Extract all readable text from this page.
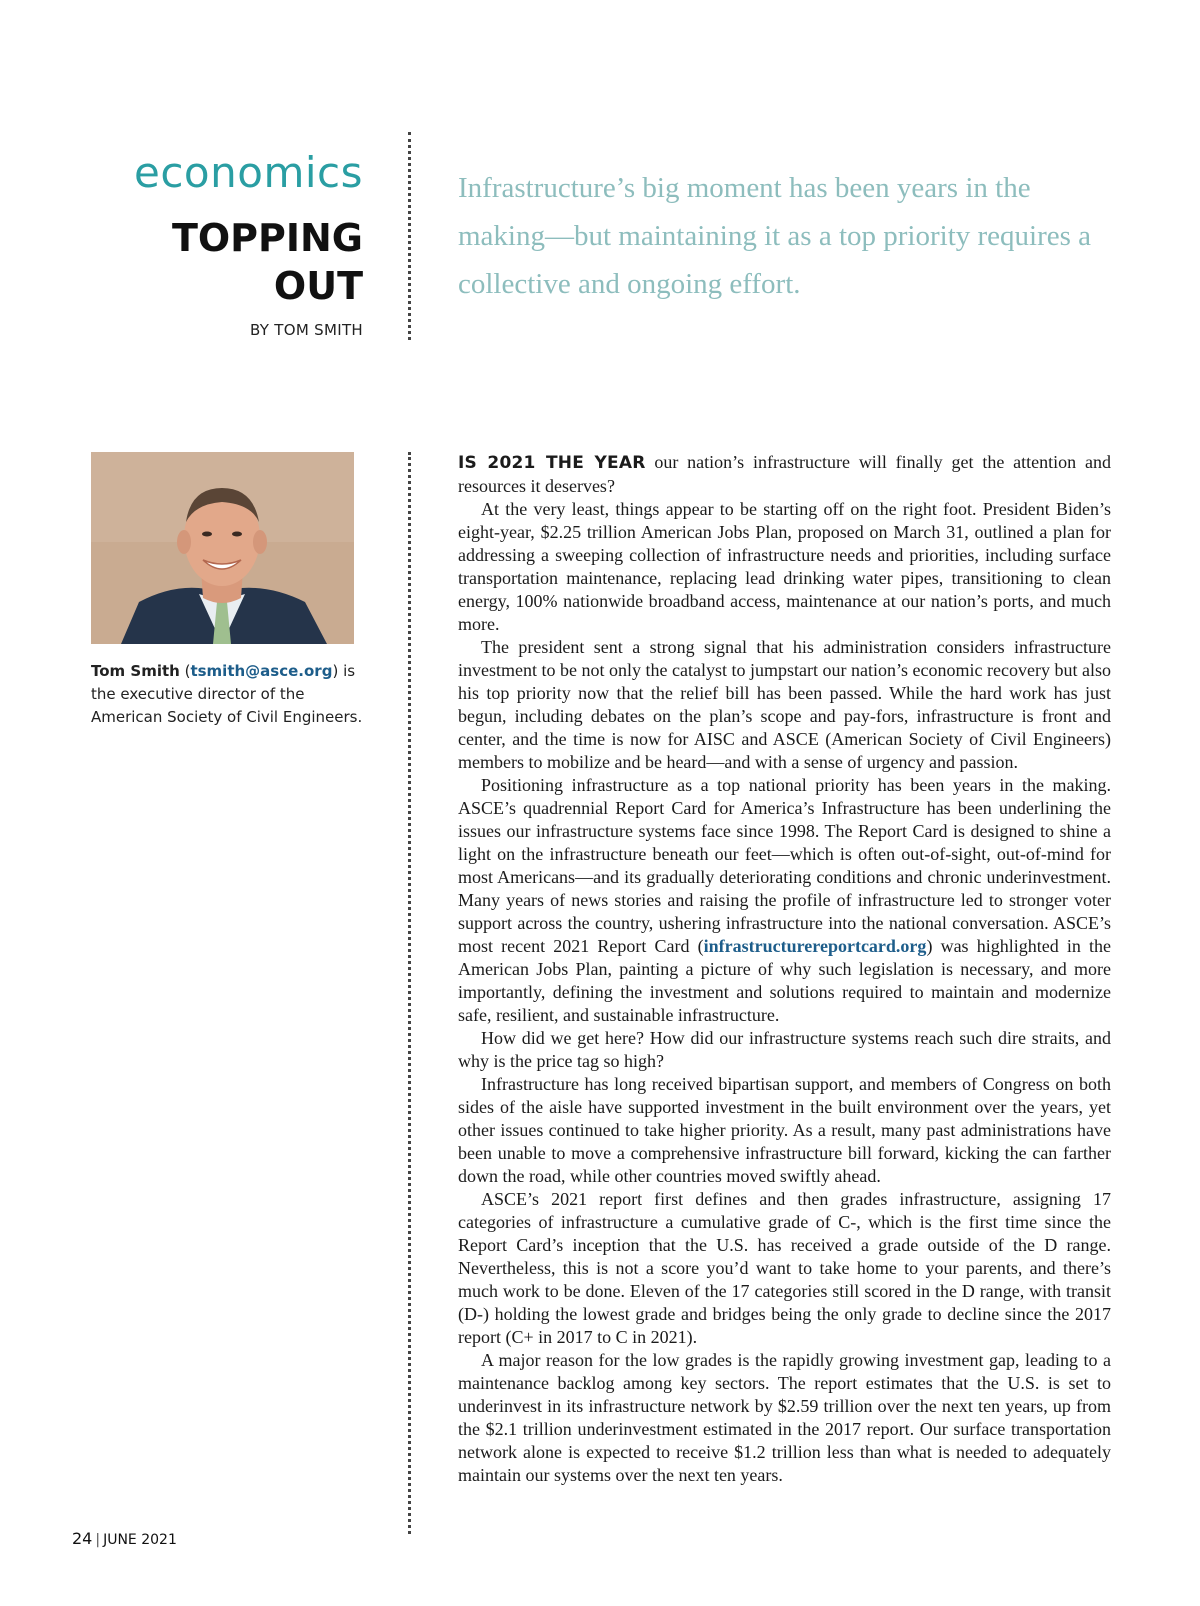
economics
TOPPING
OUT
BY TOM SMITH
Infrastructure’s big moment has been years in the making—but maintaining it as a top priority requires a collective and ongoing effort.
Tom Smith (tsmith@asce.org) is the executive director of the American Society of Civil Engineers.

IS 2021 THE YEAR our nation’s infrastructure will finally get the attention and resources it deserves?

At the very least, things appear to be starting off on the right foot. President Biden’s eight-year, $2.25 trillion American Jobs Plan, proposed on March 31, outlined a plan for addressing a sweeping collection of infrastructure needs and priorities, including surface transportation maintenance, replacing lead drinking water pipes, transitioning to clean energy, 100% nationwide broadband access, maintenance at our nation’s ports, and much more.

The president sent a strong signal that his administration considers infrastructure investment to be not only the catalyst to jumpstart our nation’s economic recovery but also his top priority now that the relief bill has been passed. While the hard work has just begun, including debates on the plan’s scope and pay-fors, infrastructure is front and center, and the time is now for AISC and ASCE (American Society of Civil Engineers) members to mobilize and be heard—and with a sense of urgency and passion.

Positioning infrastructure as a top national priority has been years in the making. ASCE’s quadrennial Report Card for America’s Infrastructure has been underlining the issues our infrastructure systems face since 1998. The Report Card is designed to shine a light on the infrastructure beneath our feet—which is often out-of-sight, out-of-mind for most Americans—and its gradually deteriorating conditions and chronic underinvestment. Many years of news stories and raising the profile of infrastructure led to stronger voter support across the country, ushering infrastructure into the national conversation. ASCE’s most recent 2021 Report Card (infrastructurereportcard.org) was highlighted in the American Jobs Plan, painting a picture of why such legislation is necessary, and more importantly, defining the investment and solutions required to maintain and modernize safe, resilient, and sustainable infrastructure.

How did we get here? How did our infrastructure systems reach such dire straits, and why is the price tag so high?

Infrastructure has long received bipartisan support, and members of Congress on both sides of the aisle have supported investment in the built environment over the years, yet other issues continued to take higher priority. As a result, many past administrations have been unable to move a comprehensive infrastructure bill forward, kicking the can farther down the road, while other countries moved swiftly ahead.

ASCE’s 2021 report first defines and then grades infrastructure, assigning 17 categories of infrastructure a cumulative grade of C-, which is the first time since the Report Card’s inception that the U.S. has received a grade outside of the D range. Nevertheless, this is not a score you’d want to take home to your parents, and there’s much work to be done. Eleven of the 17 categories still scored in the D range, with transit (D-) holding the lowest grade and bridges being the only grade to decline since the 2017 report (C+ in 2017 to C in 2021).

A major reason for the low grades is the rapidly growing investment gap, leading to a maintenance backlog among key sectors. The report estimates that the U.S. is set to underinvest in its infrastructure network by $2.59 trillion over the next ten years, up from the $2.1 trillion underinvestment estimated in the 2017 report. Our surface transportation network alone is expected to receive $1.2 trillion less than what is needed to adequately maintain our systems over the next ten years.

24 | JUNE 2021
